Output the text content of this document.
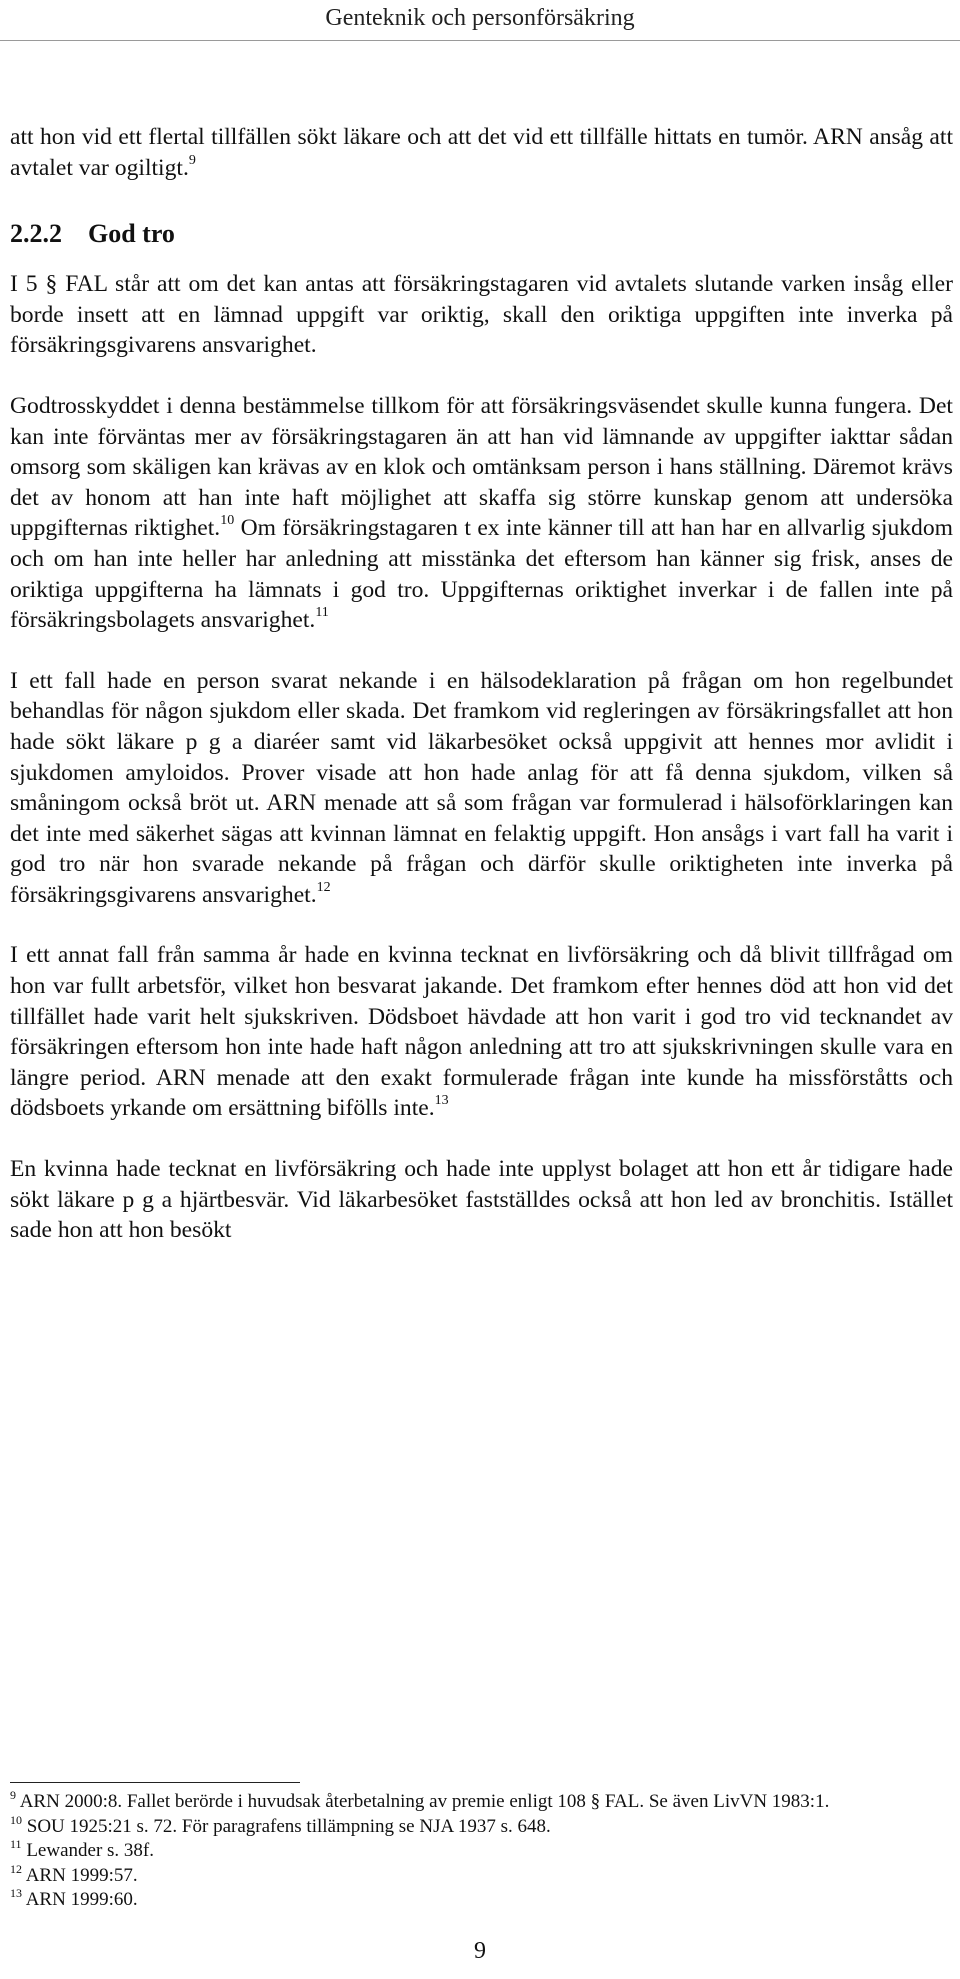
Genteknik och personförsäkring

att hon vid ett flertal tillfällen sökt läkare och att det vid ett tillfälle hittats en tumör. ARN ansåg att avtalet var ogiltigt.$^9$

2.2.2 God tro

I 5 § FAL står att om det kan antas att försäkringstagaren vid avtalets slutande varken insåg eller borde insett att en lämnad uppgift var oriktig, skall den oriktiga uppgiften inte inverka på försäkringsgivarens ansvarighet.

Godtrosskyddet i denna bestämmelse tillkom för att försäkringsväsendet skulle kunna fungera. Det kan inte förväntas mer av försäkringstagaren än att han vid lämnande av uppgifter iakttar sådan omsorg som skäligen kan krävas av en klok och omtänksam person i hans ställning. Däremot krävs det av honom att han inte haft möjlighet att skaffa sig större kunskap genom att undersöka uppgifternas riktighet.$^{10}$ Om försäkringstagaren t ex inte känner till att han har en allvarlig sjukdom och om han inte heller har anledning att misstänka det eftersom han känner sig frisk, anses de oriktiga uppgifterna ha lämnats i god tro. Uppgifternas oriktighet inverkar i de fallen inte på försäkringsbolagets ansvarighet.$^{11}$

I ett fall hade en person svarat nekande i en hälsodeklaration på frågan om hon regelbundet behandlas för någon sjukdom eller skada. Det framkom vid regleringen av försäkringsfallet att hon hade sökt läkare p g a diaréer samt vid läkarbesöket också uppgivit att hennes mor avlidit i sjukdomen amyloidos. Prover visade att hon hade anlag för att få denna sjukdom, vilken så småningom också bröt ut. ARN menade att så som frågan var formulerad i hälsoförklaringen kan det inte med säkerhet sägas att kvinnan lämnat en felaktig uppgift. Hon ansågs i vart fall ha varit i god tro när hon svarade nekande på frågan och därför skulle oriktigheten inte inverka på försäkringsgivarens ansvarighet.$^{12}$

I ett annat fall från samma år hade en kvinna tecknat en livförsäkring och då blivit tillfrågad om hon var fullt arbetsför, vilket hon besvarat jakande. Det framkom efter hennes död att hon vid det tillfället hade varit helt sjukskriven. Dödsboet hävdade att hon varit i god tro vid tecknandet av försäkringen eftersom hon inte hade haft någon anledning att tro att sjukskrivningen skulle vara en längre period. ARN menade att den exakt formulerade frågan inte kunde ha missförståtts och dödsboets yrkande om ersättning bifölls inte.$^{13}$

En kvinna hade tecknat en livförsäkring och hade inte upplyst bolaget att hon ett år tidigare hade sökt läkare p g a hjärtbesvär. Vid läkarbesöket fastställdes också att hon led av bronchitis. Istället sade hon att hon besökt

$^9$ ARN 2000:8. Fallet berörde i huvudsak återbetalning av premie enligt 108 § FAL. Se även LivVN 1983:1.

$^{10}$ SOU 1925:21 s. 72. För paragrafens tillämpning se NJA 1937 s. 648.

$^{11}$ Lewander s. 38f.

$^{12}$ ARN 1999:57.

$^{13}$ ARN 1999:60.

9
